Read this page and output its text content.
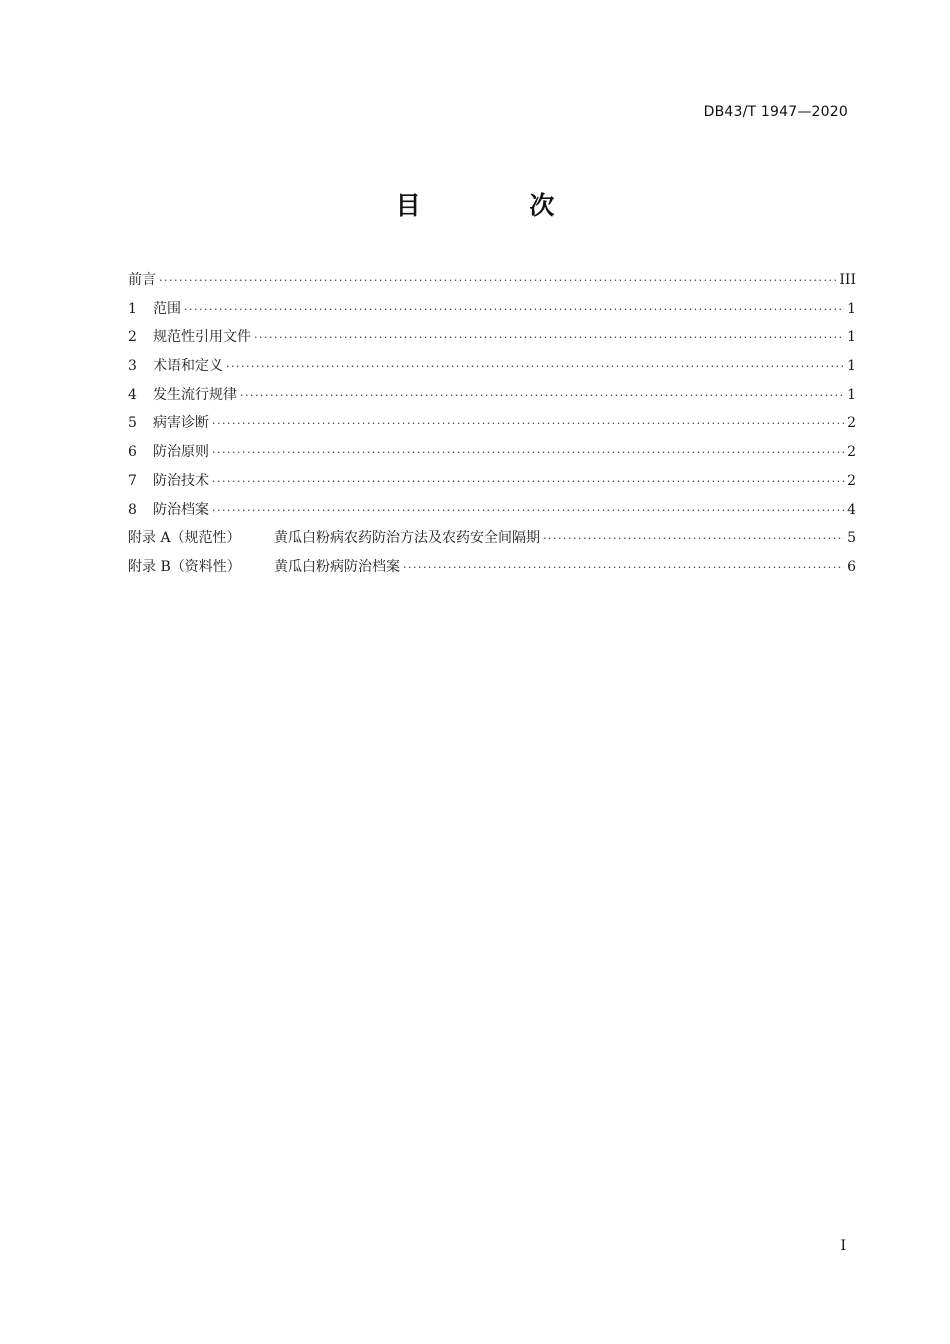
DB43/T 1947—2020
目 次
前言 ·····	III
1	范围 ·····	1
2	规范性引用文件 ·····	1
3	术语和定义 ·····	1
4	发生流行规律 ·····	1
5	病害诊断 ·····	2
6	防治原则 ·····	2
7	防治技术 ·····	2
8	防治档案 ·····	4
附录 A（规范性）	黄瓜白粉病农药防治方法及农药安全间隔期 ·····	5
附录 B（资料性）	黄瓜白粉病防治档案 ·····	6
I
